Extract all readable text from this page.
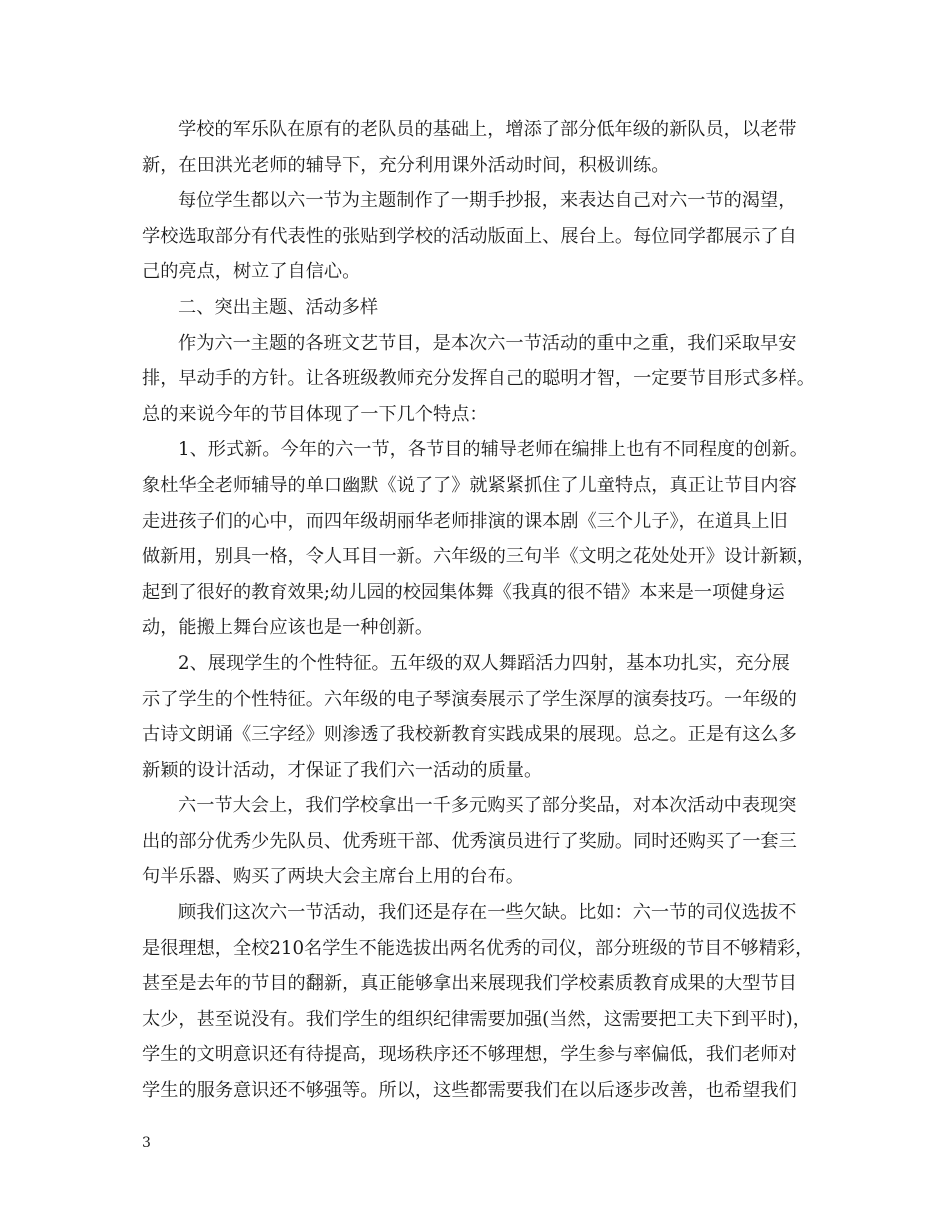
学校的军乐队在原有的老队员的基础上，增添了部分低年级的新队员，以老带
新，在田洪光老师的辅导下，充分利用课外活动时间，积极训练。
每位学生都以六一节为主题制作了一期手抄报，来表达自己对六一节的渴望，
学校选取部分有代表性的张贴到学校的活动版面上、展台上。每位同学都展示了自
己的亮点，树立了自信心。
二、突出主题、活动多样
作为六一主题的各班文艺节目，是本次六一节活动的重中之重，我们采取早安
排，早动手的方针。让各班级教师充分发挥自己的聪明才智，一定要节目形式多样。
总的来说今年的节目体现了一下几个特点：
1、形式新。今年的六一节，各节目的辅导老师在编排上也有不同程度的创新。
象杜华全老师辅导的单口幽默《说了了》就紧紧抓住了儿童特点，真正让节目内容
走进孩子们的心中，而四年级胡丽华老师排演的课本剧《三个儿子》，在道具上旧
做新用，别具一格，令人耳目一新。六年级的三句半《文明之花处处开》设计新颖，
起到了很好的教育效果;幼儿园的校园集体舞《我真的很不错》本来是一项健身运
动，能搬上舞台应该也是一种创新。
2、展现学生的个性特征。五年级的双人舞蹈活力四射，基本功扎实，充分展
示了学生的个性特征。六年级的电子琴演奏展示了学生深厚的演奏技巧。一年级的
古诗文朗诵《三字经》则渗透了我校新教育实践成果的展现。总之。正是有这么多
新颖的设计活动，才保证了我们六一活动的质量。
六一节大会上，我们学校拿出一千多元购买了部分奖品，对本次活动中表现突
出的部分优秀少先队员、优秀班干部、优秀演员进行了奖励。同时还购买了一套三
句半乐器、购买了两块大会主席台上用的台布。
顾我们这次六一节活动，我们还是存在一些欠缺。比如：六一节的司仪选拔不
是很理想，全校210名学生不能选拔出两名优秀的司仪，部分班级的节目不够精彩，
甚至是去年的节目的翻新，真正能够拿出来展现我们学校素质教育成果的大型节目
太少，甚至说没有。我们学生的组织纪律需要加强(当然，这需要把工夫下到平时)，
学生的文明意识还有待提高，现场秩序还不够理想，学生参与率偏低，我们老师对
学生的服务意识还不够强等。所以，这些都需要我们在以后逐步改善，也希望我们
3
